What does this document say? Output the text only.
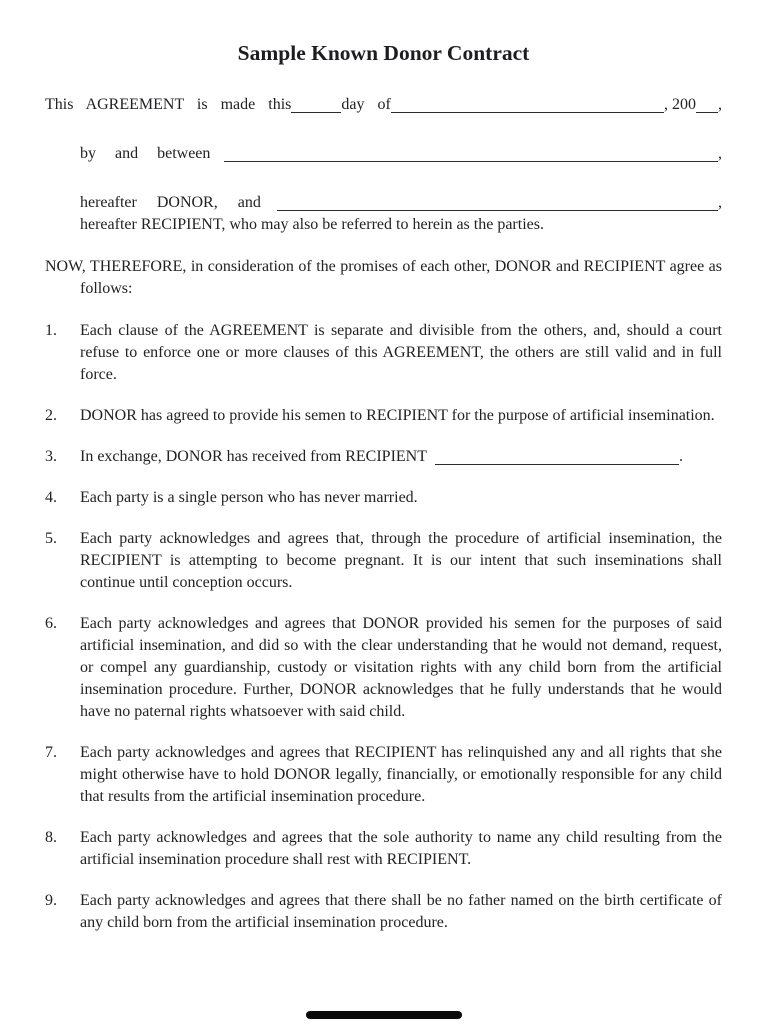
Sample Known Donor Contract
This AGREEMENT is made this	day of	, 200 ,
by and between	,
hereafter DONOR, and	,

hereafter RECIPIENT, who may also be referred to herein as the parties.

NOW, THEREFORE, in consideration of the promises of each other, DONOR and RECIPIENT agree as follows:

1. Each clause of the AGREEMENT is separate and divisible from the others, and, should a court refuse to enforce one or more clauses of this AGREEMENT, the others are still valid and in full force.
2. DONOR has agreed to provide his semen to RECIPIENT for the purpose of artificial insemination.
3. In exchange, DONOR has received from RECIPIENT	.
4. Each party is a single person who has never married.
5. Each party acknowledges and agrees that, through the procedure of artificial insemination, the RECIPIENT is attempting to become pregnant. It is our intent that such inseminations shall continue until conception occurs.
6. Each party acknowledges and agrees that DONOR provided his semen for the purposes of said artificial insemination, and did so with the clear understanding that he would not demand, request, or compel any guardianship, custody or visitation rights with any child born from the artificial insemination procedure. Further, DONOR acknowledges that he fully understands that he would have no paternal rights whatsoever with said child.
7. Each party acknowledges and agrees that RECIPIENT has relinquished any and all rights that she might otherwise have to hold DONOR legally, financially, or emotionally responsible for any child that results from the artificial insemination procedure.
8. Each party acknowledges and agrees that the sole authority to name any child resulting from the artificial insemination procedure shall rest with RECIPIENT.
9. Each party acknowledges and agrees that there shall be no father named on the birth certificate of any child born from the artificial insemination procedure.
